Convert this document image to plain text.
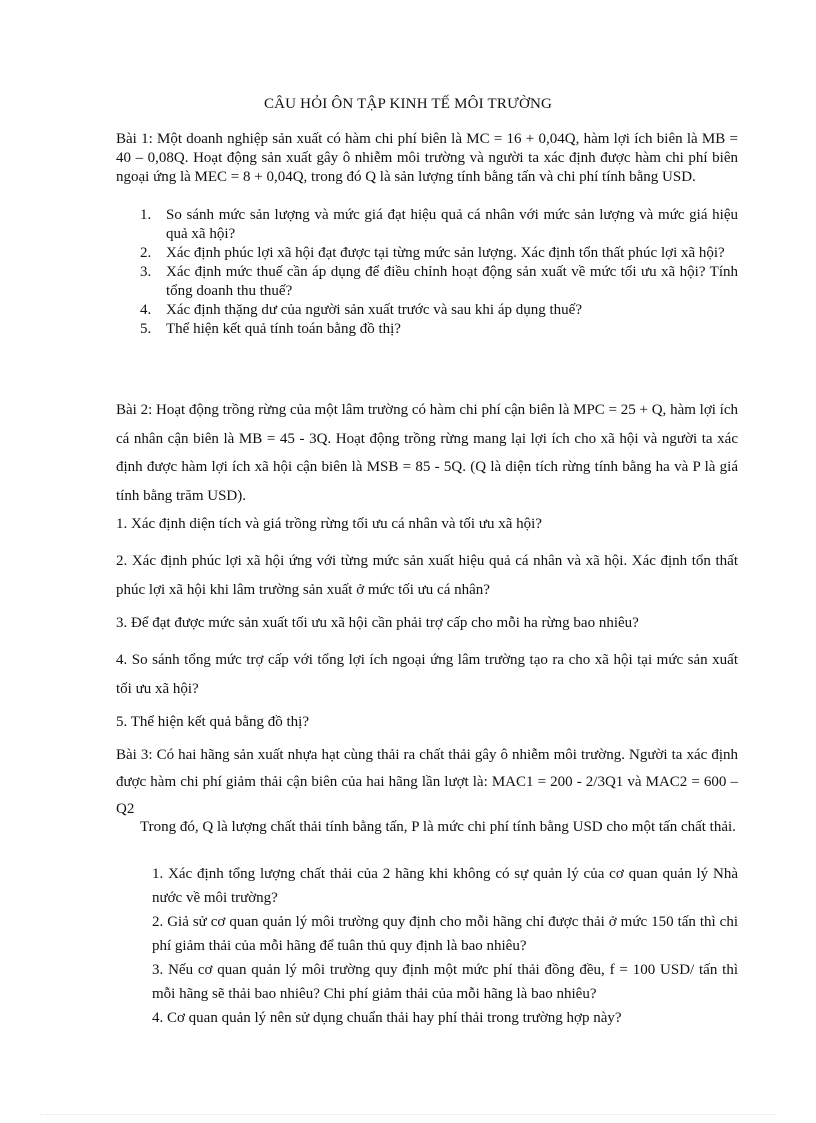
CÂU HỎI ÔN TẬP KINH TẾ MÔI TRƯỜNG
Bài 1: Một doanh nghiệp sản xuất có hàm chi phí biên là MC = 16 + 0,04Q, hàm lợi ích biên là MB = 40 – 0,08Q. Hoạt động sản xuất gây ô nhiễm môi trường và người ta xác định được hàm chi phí biên ngoại ứng là MEC = 8 + 0,04Q, trong đó Q là sản lượng tính bằng tấn và chi phí tính bằng USD.
1. So sánh mức sản lượng và mức giá đạt hiệu quả cá nhân với mức sản lượng và mức giá hiệu quả xã hội?
2. Xác định phúc lợi xã hội đạt được tại từng mức sản lượng. Xác định tổn thất phúc lợi xã hội?
3. Xác định mức thuế cần áp dụng để điều chỉnh hoạt động sản xuất về mức tối ưu xã hội? Tính tổng doanh thu thuế?
4. Xác định thặng dư của người sản xuất trước và sau khi áp dụng thuế?
5. Thể hiện kết quả tính toán bằng đồ thị?
Bài 2: Hoạt động trồng rừng của một lâm trường có hàm chi phí cận biên là MPC = 25 + Q, hàm lợi ích cá nhân cận biên là MB = 45 - 3Q. Hoạt động trồng rừng mang lại lợi ích cho xã hội và người ta xác định được hàm lợi ích xã hội cận biên là MSB = 85 - 5Q. (Q là diện tích rừng tính bằng ha và P là giá tính bằng trăm USD).
1. Xác định diện tích và giá trồng rừng tối ưu cá nhân và tối ưu xã hội?
2. Xác định phúc lợi xã hội ứng với từng mức sản xuất hiệu quả cá nhân và xã hội. Xác định tổn thất phúc lợi xã hội khi lâm trường sản xuất ở mức tối ưu cá nhân?
3. Để đạt được mức sản xuất tối ưu xã hội cần phải trợ cấp cho mỗi ha rừng bao nhiêu?
4. So sánh tổng mức trợ cấp với tổng lợi ích ngoại ứng lâm trường tạo ra cho xã hội tại mức sản xuất tối ưu xã hội?
5. Thể hiện kết quả bằng đồ thị?
Bài 3: Có hai hãng sản xuất nhựa hạt cùng thải ra chất thải gây ô nhiễm môi trường. Người ta xác định được hàm chi phí giảm thải cận biên của hai hãng lần lượt là: MAC1 = 200 - 2/3Q1 và MAC2 = 600 – Q2
Trong đó, Q là lượng chất thải tính bằng tấn, P là mức chi phí tính bằng USD cho một tấn chất thải.

1. Xác định tổng lượng chất thải của 2 hãng khi không có sự quản lý của cơ quan quản lý Nhà nước về môi trường?

2. Giả sử cơ quan quản lý môi trường quy định cho mỗi hãng chỉ được thải ở mức 150 tấn thì chi phí giảm thải của mỗi hãng để tuân thủ quy định là bao nhiêu?

3. Nếu cơ quan quản lý môi trường quy định một mức phí thải đồng đều, f = 100 USD/ tấn thì mỗi hãng sẽ thải bao nhiêu? Chi phí giảm thải của mỗi hãng là bao nhiêu?

4. Cơ quan quản lý nên sử dụng chuẩn thải hay phí thải trong trường hợp này?
